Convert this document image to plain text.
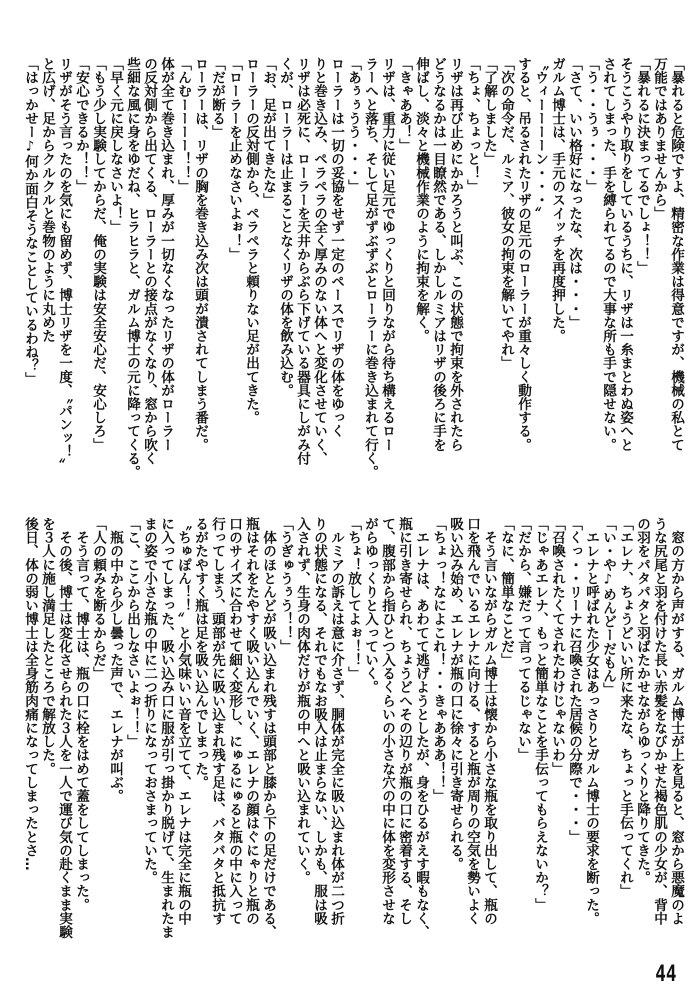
「暴れると危険ですよ、精密な作業は得意ですが、機械の私とて
万能ではありませんから」
「暴れるに決まってるでしょ！！」
そうこうやり取りをしているうちに、リザは一糸まとわぬ姿へと
されてしまった、手を縛られてるので大事な所も手で隠せない。
「う・・うぅ・・・」
「さて、いい格好になったな、次は・・・」
ガルム博士は、手元のスイッチを再度押した。
〝ウィーーーーン・・・〟
すると、吊るされたリザの足元のローラーが重々しく動作する。
「次の命令だ、ルミア、彼女の拘束を解いてやれ」
「了解しました」
「ちょ、ちょっと！」
リザは再び止めにかかろうと叫ぶ、この状態で拘束を外されたら
どうなるかは一目瞭然である、しかしルミアはリザの後ろに手を
伸ばし、淡々と機械作業のように拘束を解く。
「きゃああ！」
リザは、重力に従い足元でゆっくりと回りながら待ち構えるロー
ラーへと落ち、そして足がずぶずぶとローラーに巻き込まれて行く。
「あぅぅうう・・・」
ローラーは一切の妥協をせず一定のペースでリザの体をゆっく
りと巻き込み、ペラペラの全く厚みのない体へと変化させていく、
リザは必死に、ローラーを天井からぶら下げている器具にしがみ付
くが、ローラーは止まることなくリザの体を飲み込む。
「お、足が出てきたな」
ローラーの反対側から、ペラペラと頼りない足が出てきた。
「ローラーを止めなさいよぉ！」
「だが断る」
ローラーは、リザの胸を巻き込み次は頭が潰されてしまう番だ。
「んむーーーー！！」
体が全て巻き込まれ、厚みが一切なくなったリザの体がローラー
の反対側から出てくる、ローラーとの接点がなくなり、窓から吹く
些細な風に身をゆだね、ヒラヒラと、ガルム博士の元に降ってくる。
「早く元に戻しなさいよ！」
「もう少し実験してからだ、俺の実験は安全安心だ、安心しろ」
「安心できるか！！」
リザがそう言ったのを気にも留めず、博士リザを一度、〝パンッ！〟
と広げ、足からクルクルと巻物のように丸めた
「はっかせー♪何か面白そうなことしているわね？」
　窓の方から声がする、ガルム博士が上を見ると、窓から悪魔のよ
うな尻尾と羽を付けた長い赤髪をなびかせた褐色肌の少女が、背中
の羽をパタパタと羽ばたかせながらゆっくりと降りてきた。
「エレナ、ちょうどいい所に来たな、ちょっと手伝ってくれ」
「い・や♪めんどーだもん」
　エレナと呼ばれた少女はあっさりとガルム博士の要求を断った。
「くっ・・リーナに召喚された居候の分際で・・・」
「召喚されたくてされたわけじゃないわ」
「じゃあエレナ、もっと簡単なことを手伝ってもらえないか？」
「だから、嫌だって言ってるじゃない」
「なに、簡単なことだ」
　そう言いながらガルム博士は懐から小さな瓶を取り出して、瓶の
口を飛んでいるエレナに向ける、すると瓶が周りの空気を勢いよく
吸い込み始め、エレナが瓶の口に徐々に引き寄せられる。
「ちょっ！なによこれ！・・きゃあああ！！」
　エレナは、あわてて逃げようとしたが、身をひるがえす暇もなく、
瓶に引き寄せられ、ちょうどへその辺りが瓶の口に密着する、そし
て、腹部から指ひとつ入るくらいの小さな穴の中に体を変形させな
がらゆっくりと入っていく。
「ちょ！放してよぉ！！」
　ルミアの訴えは意に介さず、胴体が完全に吸い込まれ体が二つ折
りの状態になる、それでもなお吸入は止まらない、しかも、服は吸
入されず、生身の肉体だけが瓶の中へと吸い込まれていく。
「うぎゅうぅう！！」
　体のほとんどが吸い込まれ残すは頭部と膝から下の足だけである、
瓶はそれをたやすく吸い込んでいく、エレナの顔はぐにゃりと瓶の
口のサイズに合わせて細く変形し、にゅるにゅると瓶の中に入って
行ってしまう、頭部が先に吸い込まれ残す足は、バタバタと抵抗す
るがたやすく瓶は足を吸い込んでしまった。
〝ちゅぽん！！〟と小気味いい音を立てて、エレナは完全に瓶の中
に入ってしまった、吸い込み口に服が引っ掛かり脱げて、生まれたま
まの姿で小さな瓶の中に二つ折りになっておさまっていた。
「こ、ここから出しなさいよぉ！！」
　瓶の中から少し曇った声で、エレナが叫ぶ。
「人の頼みを断るからだ」
　そう言って、博士は、瓶の口に栓をはめて蓋をしてしまった。
　その後、博士は変化させられた３人を一人で運び気の赴くまま実験
を３人に施し満足したところで解放した。
後日、体の弱い博士は全身筋肉痛になってしまったとさ…
44
